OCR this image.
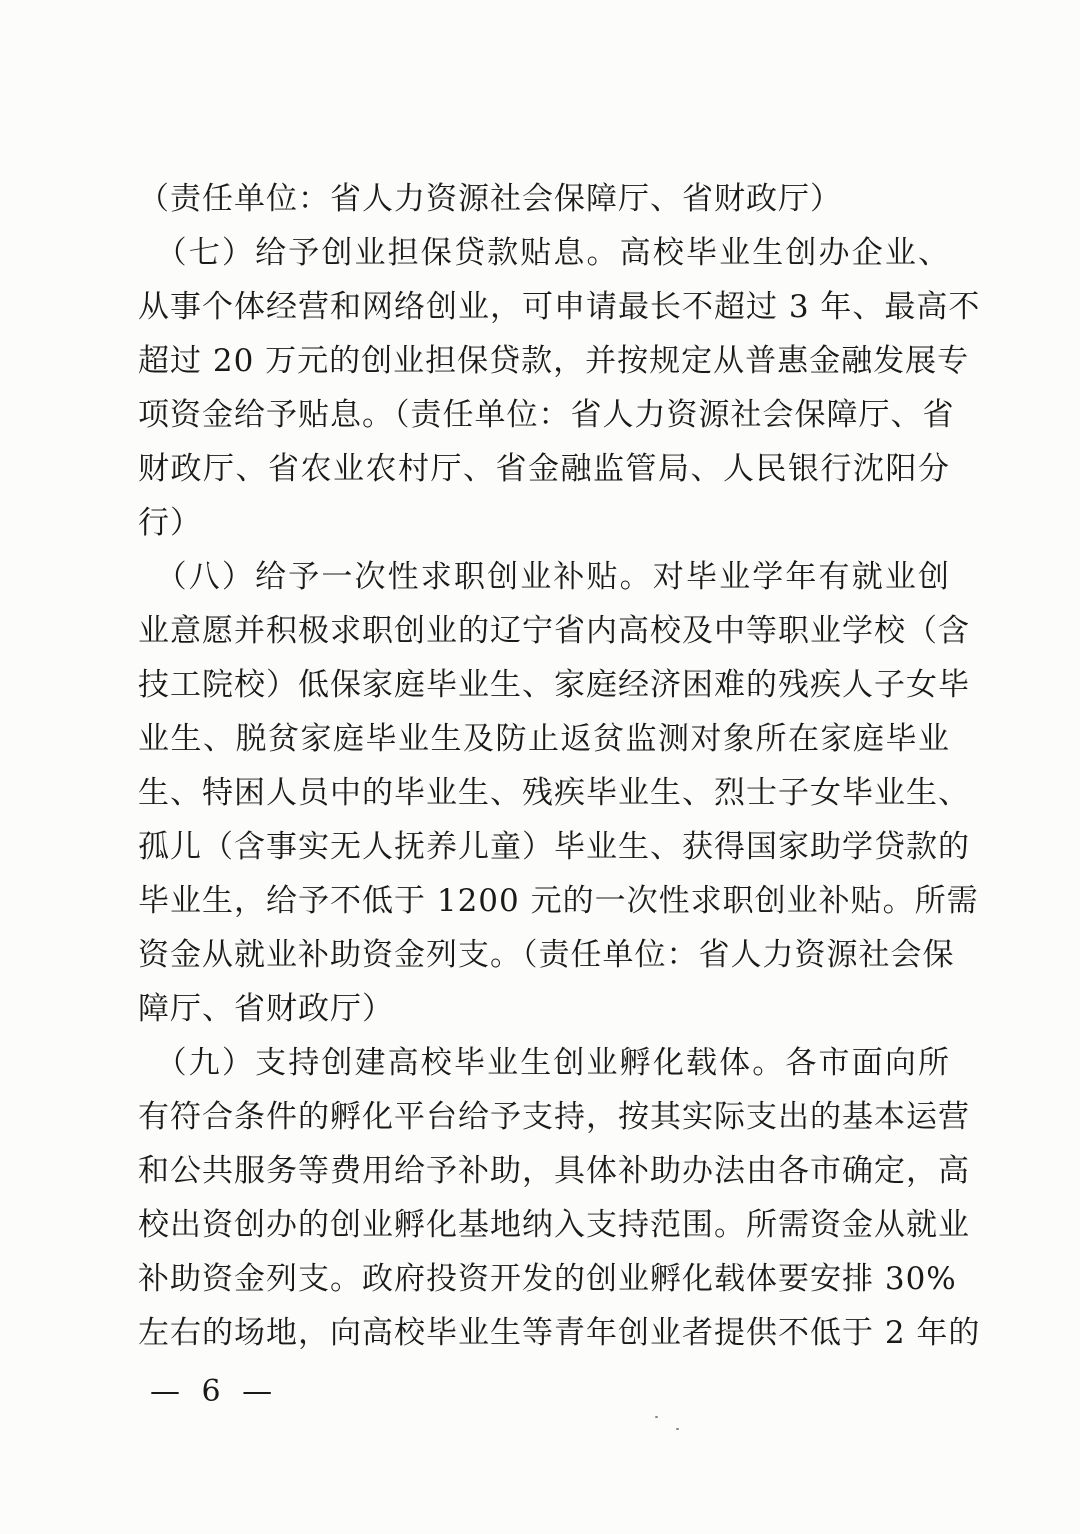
（责任单位：省人力资源社会保障厅、省财政厅）
　（七）给予创业担保贷款贴息。高校毕业生创办企业、
从事个体经营和网络创业，可申请最长不超过 3 年、最高不
超过 20 万元的创业担保贷款，并按规定从普惠金融发展专
项资金给予贴息。（责任单位：省人力资源社会保障厅、省
财政厅、省农业农村厅、省金融监管局、人民银行沈阳分
行）
　（八）给予一次性求职创业补贴。对毕业学年有就业创
业意愿并积极求职创业的辽宁省内高校及中等职业学校（含
技工院校）低保家庭毕业生、家庭经济困难的残疾人子女毕
业生、脱贫家庭毕业生及防止返贫监测对象所在家庭毕业
生、特困人员中的毕业生、残疾毕业生、烈士子女毕业生、
孤儿（含事实无人抚养儿童）毕业生、获得国家助学贷款的
毕业生，给予不低于 1200 元的一次性求职创业补贴。所需
资金从就业补助资金列支。（责任单位：省人力资源社会保
障厅、省财政厅）
　（九）支持创建高校毕业生创业孵化载体。各市面向所
有符合条件的孵化平台给予支持，按其实际支出的基本运营
和公共服务等费用给予补助，具体补助办法由各市确定，高
校出资创办的创业孵化基地纳入支持范围。所需资金从就业
补助资金列支。政府投资开发的创业孵化载体要安排 30%
左右的场地，向高校毕业生等青年创业者提供不低于 2 年的
— 6 —
